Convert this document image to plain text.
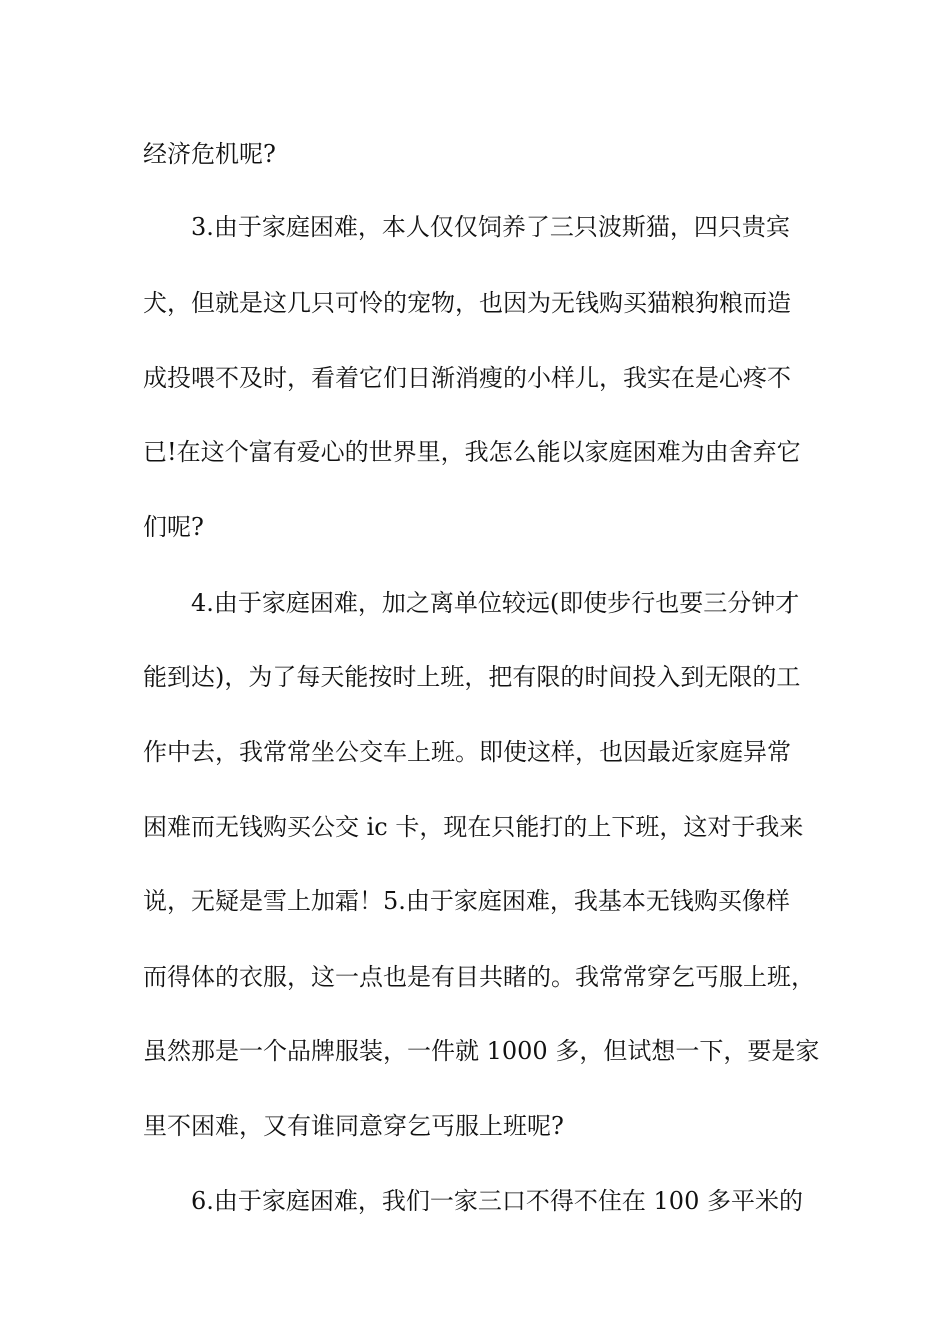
经济危机呢?
3.由于家庭困难，本人仅仅饲养了三只波斯猫，四只贵宾
犬，但就是这几只可怜的宠物，也因为无钱购买猫粮狗粮而造
成投喂不及时，看着它们日渐消瘦的小样儿，我实在是心疼不
已!在这个富有爱心的世界里，我怎么能以家庭困难为由舍弃它
们呢?
4.由于家庭困难，加之离单位较远(即使步行也要三分钟才
能到达)，为了每天能按时上班，把有限的时间投入到无限的工
作中去，我常常坐公交车上班。即使这样，也因最近家庭异常
困难而无钱购买公交 ic 卡，现在只能打的上下班，这对于我来
说，无疑是雪上加霜！5.由于家庭困难，我基本无钱购买像样
而得体的衣服，这一点也是有目共睹的。我常常穿乞丐服上班，
虽然那是一个品牌服装，一件就 1000 多，但试想一下，要是家
里不困难，又有谁同意穿乞丐服上班呢?
6.由于家庭困难，我们一家三口不得不住在 100 多平米的
